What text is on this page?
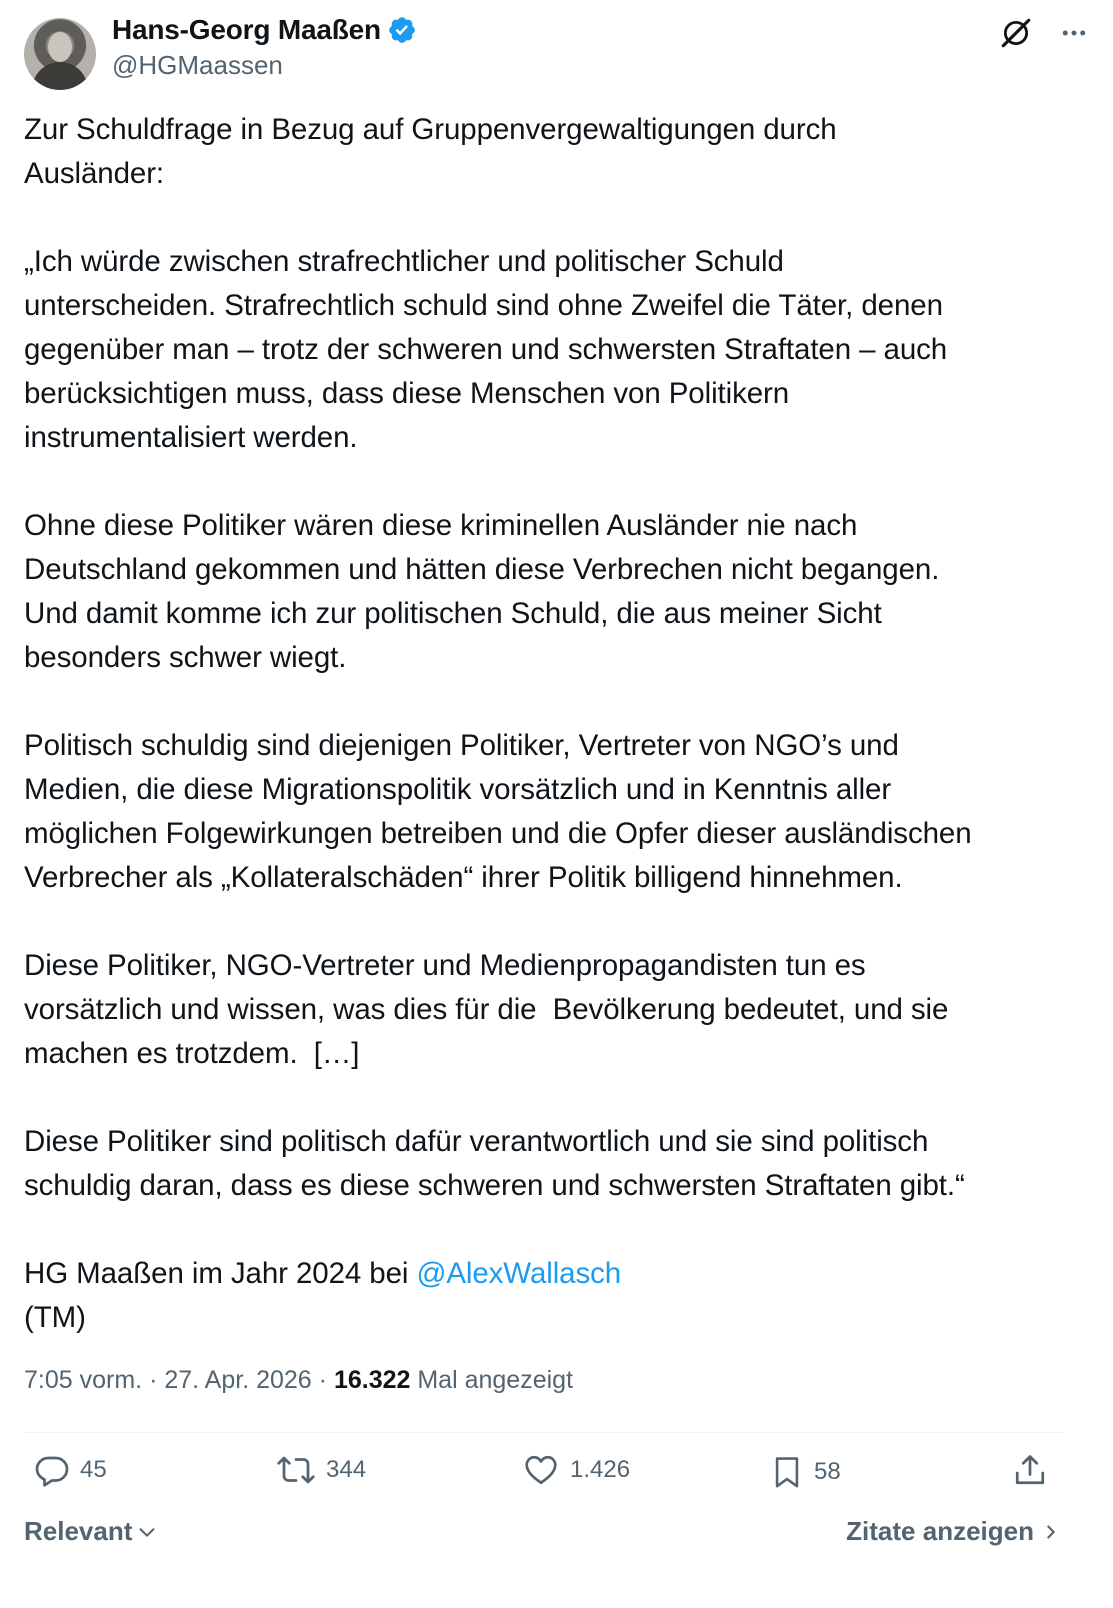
Hans-Georg Maaßen
@HGMaassen
Zur Schuldfrage in Bezug auf Gruppenvergewaltigungen durch
Ausländer:

„Ich würde zwischen strafrechtlicher und politischer Schuld
unterscheiden. Strafrechtlich schuld sind ohne Zweifel die Täter, denen
gegenüber man – trotz der schweren und schwersten Straftaten – auch
berücksichtigen muss, dass diese Menschen von Politikern
instrumentalisiert werden.

Ohne diese Politiker wären diese kriminellen Ausländer nie nach
Deutschland gekommen und hätten diese Verbrechen nicht begangen.
Und damit komme ich zur politischen Schuld, die aus meiner Sicht
besonders schwer wiegt.

Politisch schuldig sind diejenigen Politiker, Vertreter von NGO’s und
Medien, die diese Migrationspolitik vorsätzlich und in Kenntnis aller
möglichen Folgewirkungen betreiben und die Opfer dieser ausländischen
Verbrecher als „Kollateralschäden“ ihrer Politik billigend hinnehmen.

Diese Politiker, NGO-Vertreter und Medienpropagandisten tun es
vorsätzlich und wissen, was dies für die  Bevölkerung bedeutet, und sie
machen es trotzdem.  […]

Diese Politiker sind politisch dafür verantwortlich und sie sind politisch
schuldig daran, dass es diese schweren und schwersten Straftaten gibt.“

HG Maaßen im Jahr 2024 bei @AlexWallasch
(TM)
7:05 vorm. · 27. Apr. 2026 · 16.322 Mal angezeigt
45	344	1.426	58
Relevant	Zitate anzeigen
